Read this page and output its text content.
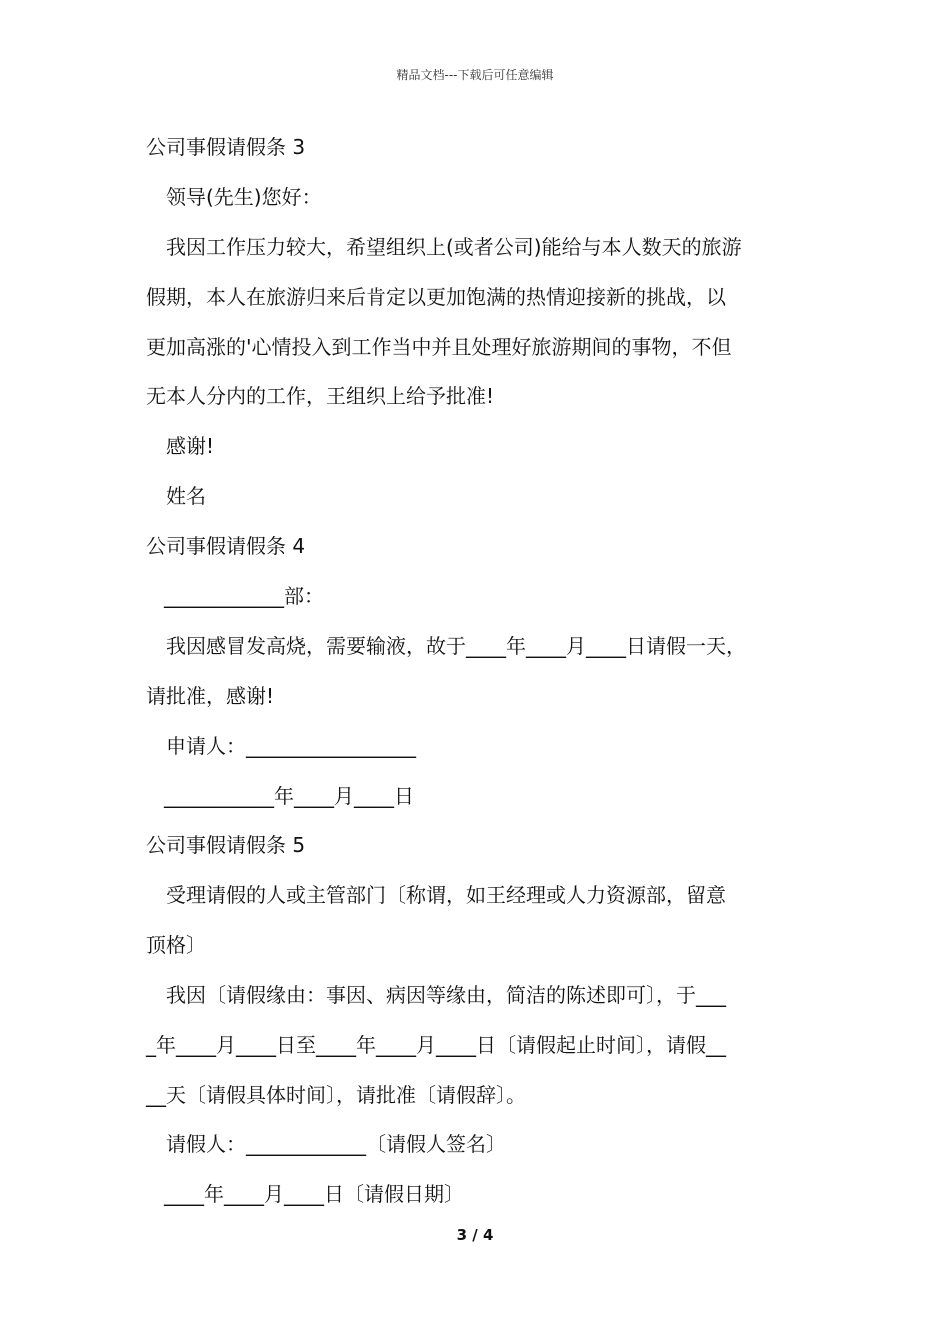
精品文档---下载后可任意编辑
公司事假请假条 3
领导(先生)您好：
我因工作压力较大，希望组织上(或者公司)能给与本人数天的旅游
假期，本人在旅游归来后肯定以更加饱满的热情迎接新的挑战，以
更加高涨的'心情投入到工作当中并且处理好旅游期间的事物，不但
无本人分内的工作，王组织上给予批准!
感谢!
姓名
公司事假请假条 4
____________部：
我因感冒发高烧，需要输液，故于____年____月____日请假一天，
请批准，感谢!
申请人：_________________
___________年____月____日
公司事假请假条 5
受理请假的人或主管部门〔称谓，如王经理或人力资源部，留意
顶格〕
我因〔请假缘由：事因、病因等缘由，简洁的陈述即可〕，于___
_年____月____日至____年____月____日〔请假起止时间〕，请假__
__天〔请假具体时间〕，请批准〔请假辞〕。
请假人：____________〔请假人签名〕
____年____月____日〔请假日期〕
3 / 4
